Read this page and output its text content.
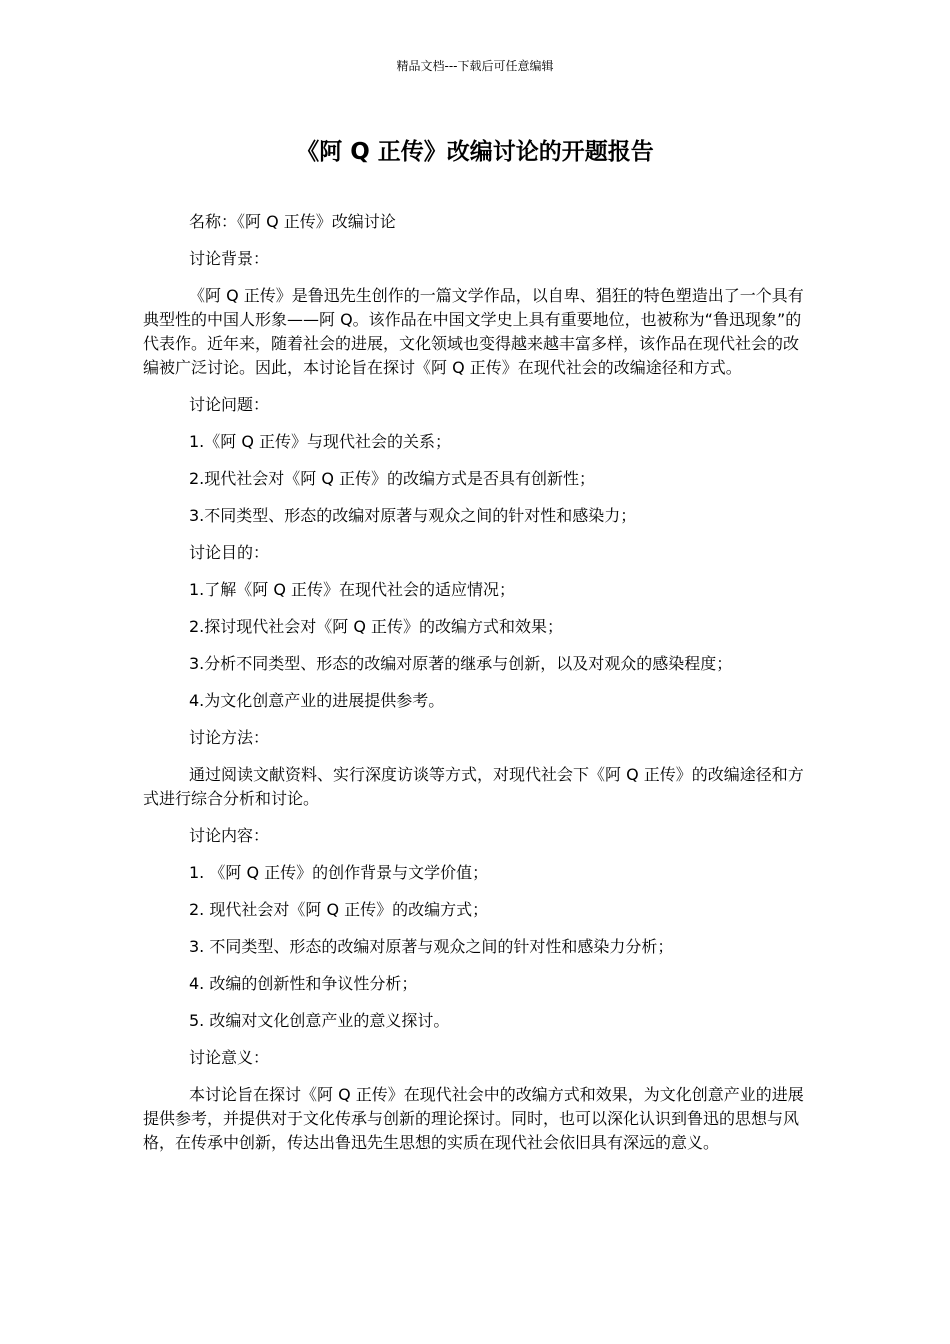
精品文档---下载后可任意编辑
《阿 Q 正传》改编讨论的开题报告

名称：《阿 Q 正传》改编讨论

讨论背景：

《阿 Q 正传》是鲁迅先生创作的一篇文学作品，以自卑、猖狂的特色塑造出了一个具有典型性的中国人形象——阿 Q。该作品在中国文学史上具有重要地位，也被称为“鲁迅现象”的代表作。近年来，随着社会的进展，文化领域也变得越来越丰富多样，该作品在现代社会的改编被广泛讨论。因此，本讨论旨在探讨《阿 Q 正传》在现代社会的改编途径和方式。

讨论问题：

1.《阿 Q 正传》与现代社会的关系；

2.现代社会对《阿 Q 正传》的改编方式是否具有创新性；

3.不同类型、形态的改编对原著与观众之间的针对性和感染力；

讨论目的：

1.了解《阿 Q 正传》在现代社会的适应情况；

2.探讨现代社会对《阿 Q 正传》的改编方式和效果；

3.分析不同类型、形态的改编对原著的继承与创新，以及对观众的感染程度；

4.为文化创意产业的进展提供参考。

讨论方法：

通过阅读文献资料、实行深度访谈等方式，对现代社会下《阿 Q 正传》的改编途径和方式进行综合分析和讨论。

讨论内容：

1. 《阿 Q 正传》的创作背景与文学价值；

2. 现代社会对《阿 Q 正传》的改编方式；

3. 不同类型、形态的改编对原著与观众之间的针对性和感染力分析；

4. 改编的创新性和争议性分析；

5. 改编对文化创意产业的意义探讨。

讨论意义：

本讨论旨在探讨《阿 Q 正传》在现代社会中的改编方式和效果，为文化创意产业的进展提供参考，并提供对于文化传承与创新的理论探讨。同时，也可以深化认识到鲁迅的思想与风格，在传承中创新，传达出鲁迅先生思想的实质在现代社会依旧具有深远的意义。
